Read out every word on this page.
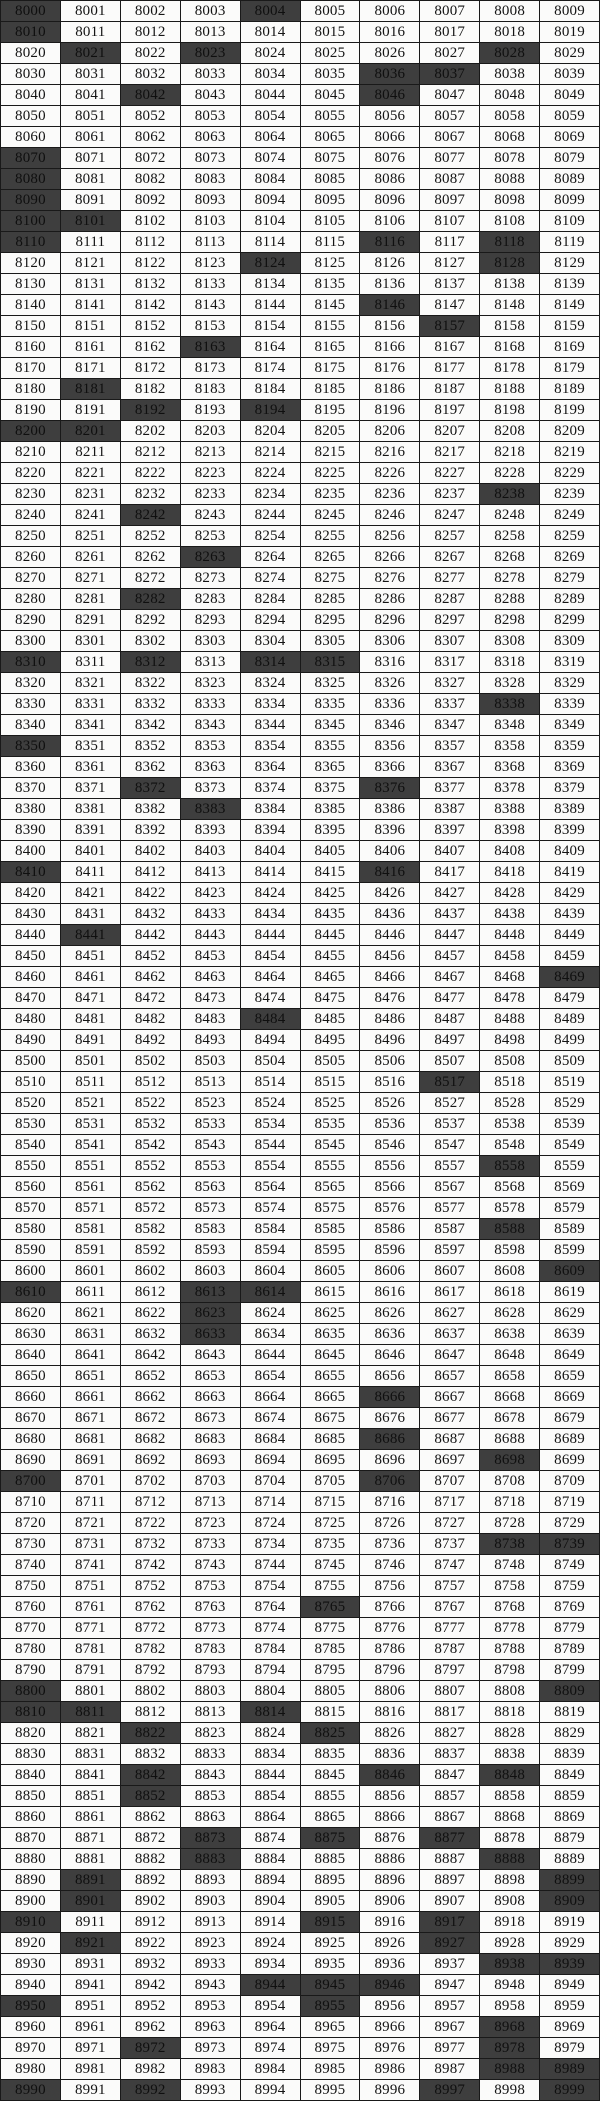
8000	8001	8002	8003	8004	8005	8006	8007	8008	8009
8010	8011	8012	8013	8014	8015	8016	8017	8018	8019
8020	8021	8022	8023	8024	8025	8026	8027	8028	8029
8030	8031	8032	8033	8034	8035	8036	8037	8038	8039
8040	8041	8042	8043	8044	8045	8046	8047	8048	8049
8050	8051	8052	8053	8054	8055	8056	8057	8058	8059
8060	8061	8062	8063	8064	8065	8066	8067	8068	8069
8070	8071	8072	8073	8074	8075	8076	8077	8078	8079
8080	8081	8082	8083	8084	8085	8086	8087	8088	8089
8090	8091	8092	8093	8094	8095	8096	8097	8098	8099
8100	8101	8102	8103	8104	8105	8106	8107	8108	8109
8110	8111	8112	8113	8114	8115	8116	8117	8118	8119
8120	8121	8122	8123	8124	8125	8126	8127	8128	8129
8130	8131	8132	8133	8134	8135	8136	8137	8138	8139
8140	8141	8142	8143	8144	8145	8146	8147	8148	8149
8150	8151	8152	8153	8154	8155	8156	8157	8158	8159
8160	8161	8162	8163	8164	8165	8166	8167	8168	8169
8170	8171	8172	8173	8174	8175	8176	8177	8178	8179
8180	8181	8182	8183	8184	8185	8186	8187	8188	8189
8190	8191	8192	8193	8194	8195	8196	8197	8198	8199
8200	8201	8202	8203	8204	8205	8206	8207	8208	8209
8210	8211	8212	8213	8214	8215	8216	8217	8218	8219
8220	8221	8222	8223	8224	8225	8226	8227	8228	8229
8230	8231	8232	8233	8234	8235	8236	8237	8238	8239
8240	8241	8242	8243	8244	8245	8246	8247	8248	8249
8250	8251	8252	8253	8254	8255	8256	8257	8258	8259
8260	8261	8262	8263	8264	8265	8266	8267	8268	8269
8270	8271	8272	8273	8274	8275	8276	8277	8278	8279
8280	8281	8282	8283	8284	8285	8286	8287	8288	8289
8290	8291	8292	8293	8294	8295	8296	8297	8298	8299
8300	8301	8302	8303	8304	8305	8306	8307	8308	8309
8310	8311	8312	8313	8314	8315	8316	8317	8318	8319
8320	8321	8322	8323	8324	8325	8326	8327	8328	8329
8330	8331	8332	8333	8334	8335	8336	8337	8338	8339
8340	8341	8342	8343	8344	8345	8346	8347	8348	8349
8350	8351	8352	8353	8354	8355	8356	8357	8358	8359
8360	8361	8362	8363	8364	8365	8366	8367	8368	8369
8370	8371	8372	8373	8374	8375	8376	8377	8378	8379
8380	8381	8382	8383	8384	8385	8386	8387	8388	8389
8390	8391	8392	8393	8394	8395	8396	8397	8398	8399
8400	8401	8402	8403	8404	8405	8406	8407	8408	8409
8410	8411	8412	8413	8414	8415	8416	8417	8418	8419
8420	8421	8422	8423	8424	8425	8426	8427	8428	8429
8430	8431	8432	8433	8434	8435	8436	8437	8438	8439
8440	8441	8442	8443	8444	8445	8446	8447	8448	8449
8450	8451	8452	8453	8454	8455	8456	8457	8458	8459
8460	8461	8462	8463	8464	8465	8466	8467	8468	8469
8470	8471	8472	8473	8474	8475	8476	8477	8478	8479
8480	8481	8482	8483	8484	8485	8486	8487	8488	8489
8490	8491	8492	8493	8494	8495	8496	8497	8498	8499
8500	8501	8502	8503	8504	8505	8506	8507	8508	8509
8510	8511	8512	8513	8514	8515	8516	8517	8518	8519
8520	8521	8522	8523	8524	8525	8526	8527	8528	8529
8530	8531	8532	8533	8534	8535	8536	8537	8538	8539
8540	8541	8542	8543	8544	8545	8546	8547	8548	8549
8550	8551	8552	8553	8554	8555	8556	8557	8558	8559
8560	8561	8562	8563	8564	8565	8566	8567	8568	8569
8570	8571	8572	8573	8574	8575	8576	8577	8578	8579
8580	8581	8582	8583	8584	8585	8586	8587	8588	8589
8590	8591	8592	8593	8594	8595	8596	8597	8598	8599
8600	8601	8602	8603	8604	8605	8606	8607	8608	8609
8610	8611	8612	8613	8614	8615	8616	8617	8618	8619
8620	8621	8622	8623	8624	8625	8626	8627	8628	8629
8630	8631	8632	8633	8634	8635	8636	8637	8638	8639
8640	8641	8642	8643	8644	8645	8646	8647	8648	8649
8650	8651	8652	8653	8654	8655	8656	8657	8658	8659
8660	8661	8662	8663	8664	8665	8666	8667	8668	8669
8670	8671	8672	8673	8674	8675	8676	8677	8678	8679
8680	8681	8682	8683	8684	8685	8686	8687	8688	8689
8690	8691	8692	8693	8694	8695	8696	8697	8698	8699
8700	8701	8702	8703	8704	8705	8706	8707	8708	8709
8710	8711	8712	8713	8714	8715	8716	8717	8718	8719
8720	8721	8722	8723	8724	8725	8726	8727	8728	8729
8730	8731	8732	8733	8734	8735	8736	8737	8738	8739
8740	8741	8742	8743	8744	8745	8746	8747	8748	8749
8750	8751	8752	8753	8754	8755	8756	8757	8758	8759
8760	8761	8762	8763	8764	8765	8766	8767	8768	8769
8770	8771	8772	8773	8774	8775	8776	8777	8778	8779
8780	8781	8782	8783	8784	8785	8786	8787	8788	8789
8790	8791	8792	8793	8794	8795	8796	8797	8798	8799
8800	8801	8802	8803	8804	8805	8806	8807	8808	8809
8810	8811	8812	8813	8814	8815	8816	8817	8818	8819
8820	8821	8822	8823	8824	8825	8826	8827	8828	8829
8830	8831	8832	8833	8834	8835	8836	8837	8838	8839
8840	8841	8842	8843	8844	8845	8846	8847	8848	8849
8850	8851	8852	8853	8854	8855	8856	8857	8858	8859
8860	8861	8862	8863	8864	8865	8866	8867	8868	8869
8870	8871	8872	8873	8874	8875	8876	8877	8878	8879
8880	8881	8882	8883	8884	8885	8886	8887	8888	8889
8890	8891	8892	8893	8894	8895	8896	8897	8898	8899
8900	8901	8902	8903	8904	8905	8906	8907	8908	8909
8910	8911	8912	8913	8914	8915	8916	8917	8918	8919
8920	8921	8922	8923	8924	8925	8926	8927	8928	8929
8930	8931	8932	8933	8934	8935	8936	8937	8938	8939
8940	8941	8942	8943	8944	8945	8946	8947	8948	8949
8950	8951	8952	8953	8954	8955	8956	8957	8958	8959
8960	8961	8962	8963	8964	8965	8966	8967	8968	8969
8970	8971	8972	8973	8974	8975	8976	8977	8978	8979
8980	8981	8982	8983	8984	8985	8986	8987	8988	8989
8990	8991	8992	8993	8994	8995	8996	8997	8998	8999
